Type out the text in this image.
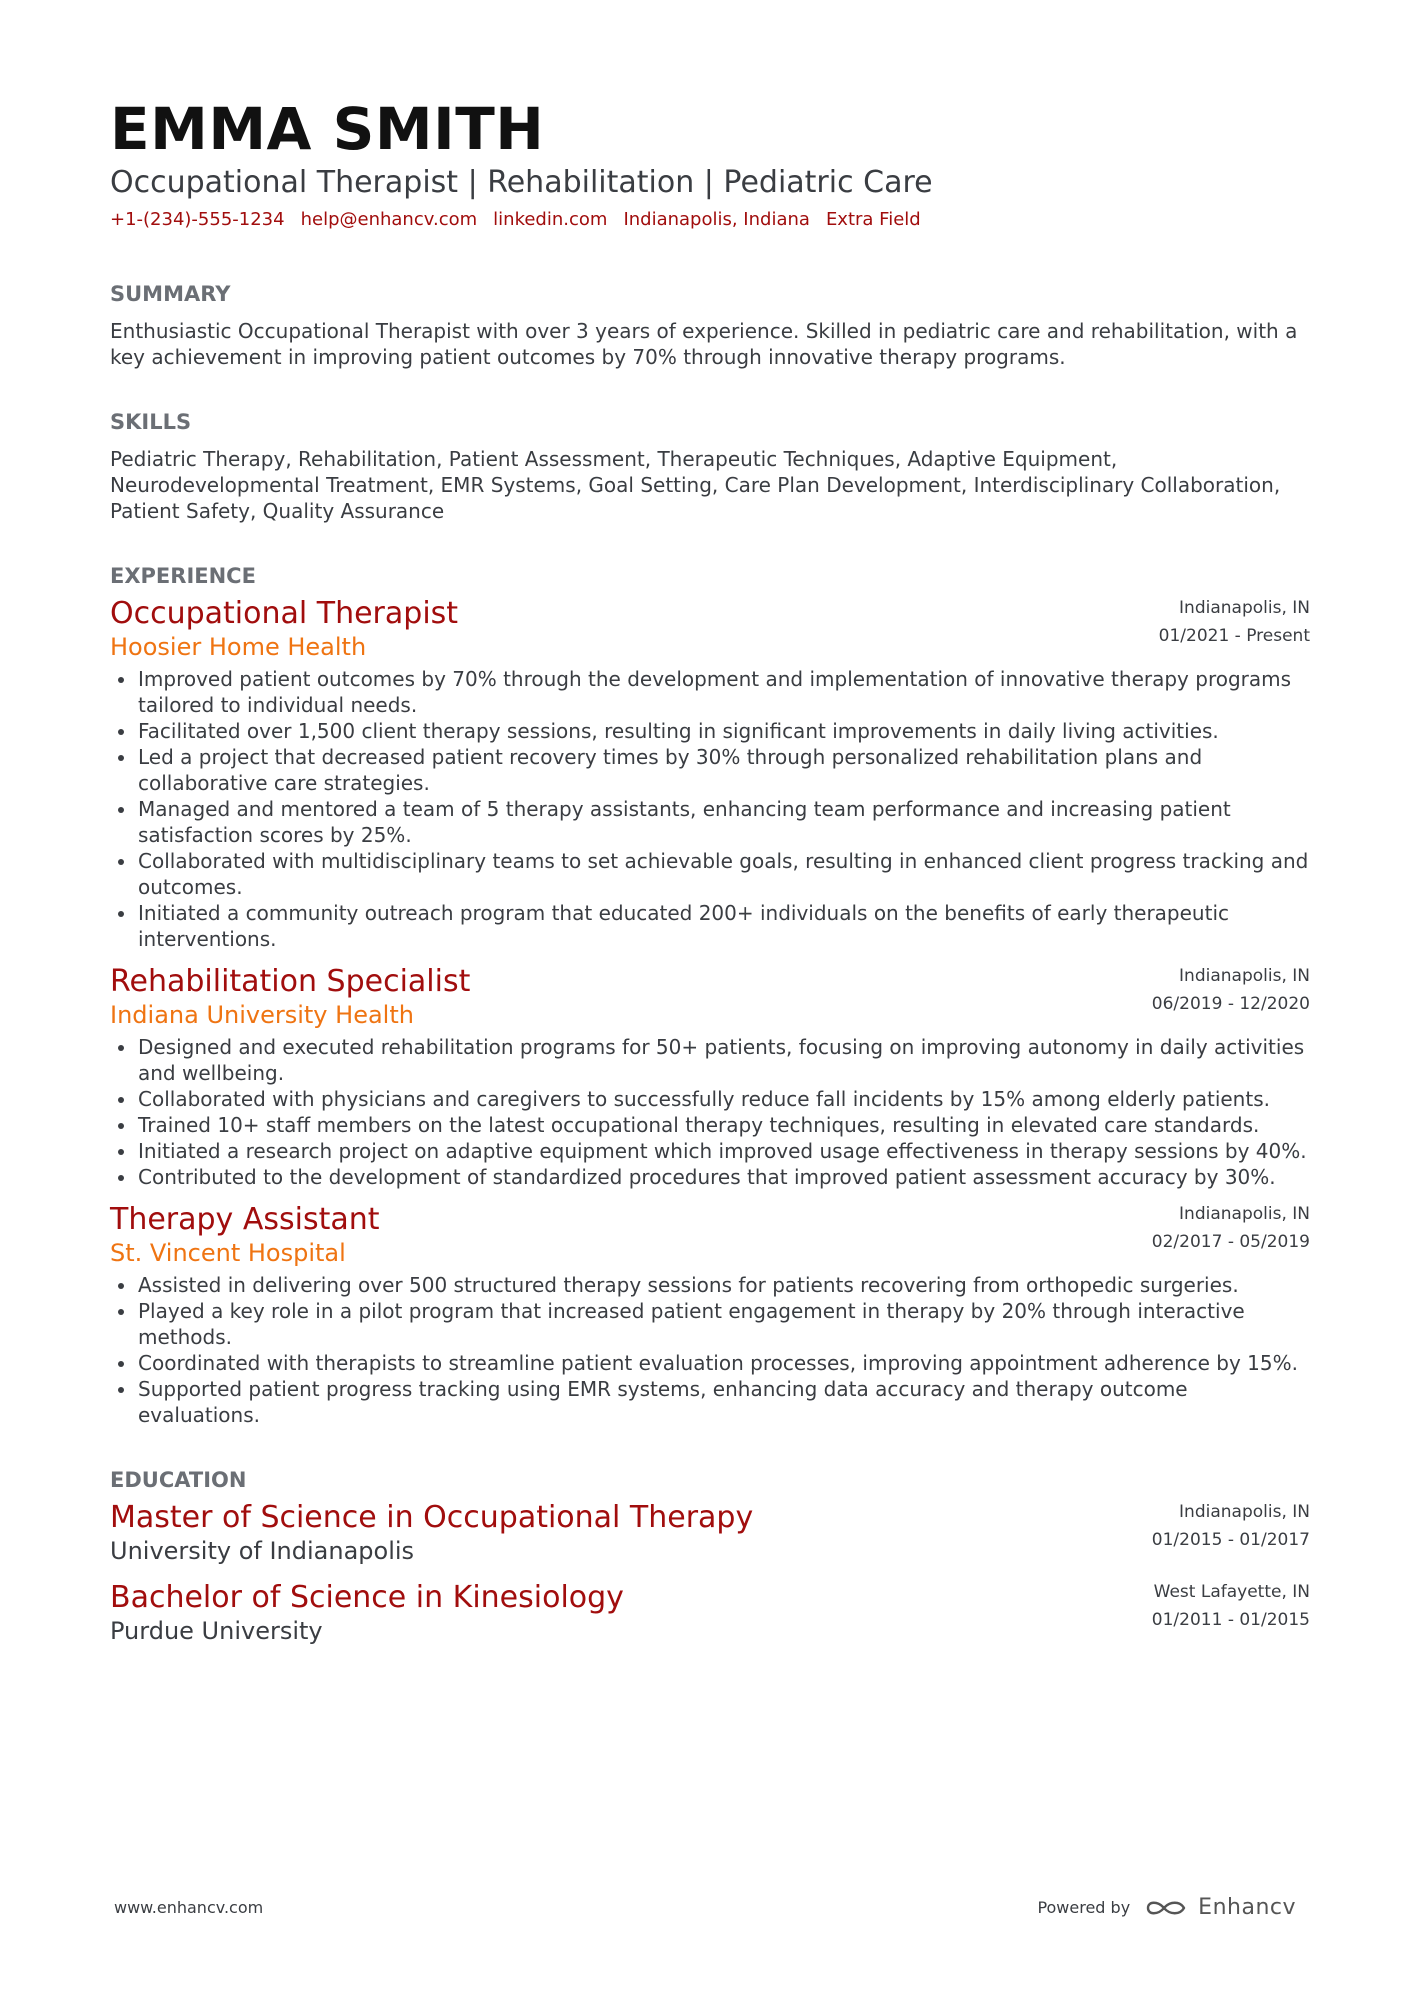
EMMA SMITH
Occupational Therapist | Rehabilitation | Pediatric Care
+1-(234)-555-1234 help@enhancv.com linkedin.com Indianapolis, Indiana Extra Field
SUMMARY
Enthusiastic Occupational Therapist with over 3 years of experience. Skilled in pediatric care and rehabilitation, with a key achievement in improving patient outcomes by 70% through innovative therapy programs.
SKILLS
Pediatric Therapy, Rehabilitation, Patient Assessment, Therapeutic Techniques, Adaptive Equipment, Neurodevelopmental Treatment, EMR Systems, Goal Setting, Care Plan Development, Interdisciplinary Collaboration, Patient Safety, Quality Assurance
EXPERIENCE
Occupational Therapist
Hoosier Home Health
Indianapolis, IN
01/2021 - Present
Improved patient outcomes by 70% through the development and implementation of innovative therapy programs tailored to individual needs.
Facilitated over 1,500 client therapy sessions, resulting in significant improvements in daily living activities.
Led a project that decreased patient recovery times by 30% through personalized rehabilitation plans and collaborative care strategies.
Managed and mentored a team of 5 therapy assistants, enhancing team performance and increasing patient satisfaction scores by 25%.
Collaborated with multidisciplinary teams to set achievable goals, resulting in enhanced client progress tracking and outcomes.
Initiated a community outreach program that educated 200+ individuals on the benefits of early therapeutic interventions.
Rehabilitation Specialist
Indiana University Health
Indianapolis, IN
06/2019 - 12/2020
Designed and executed rehabilitation programs for 50+ patients, focusing on improving autonomy in daily activities and wellbeing.
Collaborated with physicians and caregivers to successfully reduce fall incidents by 15% among elderly patients.
Trained 10+ staff members on the latest occupational therapy techniques, resulting in elevated care standards.
Initiated a research project on adaptive equipment which improved usage effectiveness in therapy sessions by 40%.
Contributed to the development of standardized procedures that improved patient assessment accuracy by 30%.
Therapy Assistant
St. Vincent Hospital
Indianapolis, IN
02/2017 - 05/2019
Assisted in delivering over 500 structured therapy sessions for patients recovering from orthopedic surgeries.
Played a key role in a pilot program that increased patient engagement in therapy by 20% through interactive methods.
Coordinated with therapists to streamline patient evaluation processes, improving appointment adherence by 15%.
Supported patient progress tracking using EMR systems, enhancing data accuracy and therapy outcome evaluations.
EDUCATION
Master of Science in Occupational Therapy
University of Indianapolis
Indianapolis, IN
01/2015 - 01/2017
Bachelor of Science in Kinesiology
Purdue University
West Lafayette, IN
01/2011 - 01/2015
www.enhancv.com	Powered by	Enhancv
